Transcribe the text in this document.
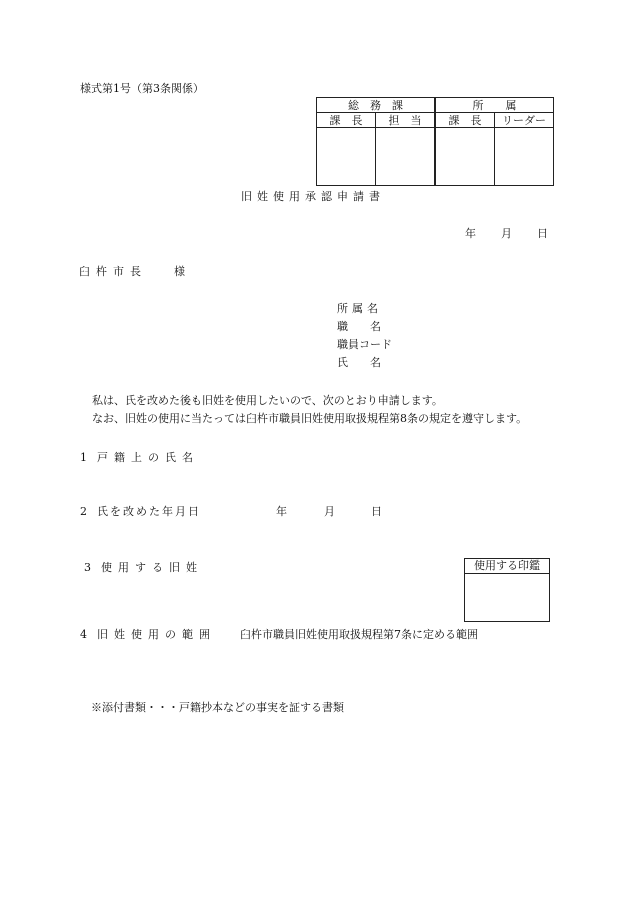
様式第1号（第3条関係）
総　務　課		所　　属	
課　長	担　当		課　長	リーダー

旧姓使用承認申請書
年 月 日
臼杵市長 様
所属名
職　　名
職員コード
氏　　名
私は、氏を改めた後も旧姓を使用したいので、次のとおり申請します。
なお、旧姓の使用に当たっては臼杵市職員旧姓使用取扱規程第8条の規定を遵守します。
1 戸籍上の氏名
2 氏を改めた年月日	年	月	日
3 使用する旧姓	使用する印鑑
4 旧姓使用の範囲 臼杵市職員旧姓使用取扱規程第7条に定める範囲
※添付書類・・・戸籍抄本などの事実を証する書類
